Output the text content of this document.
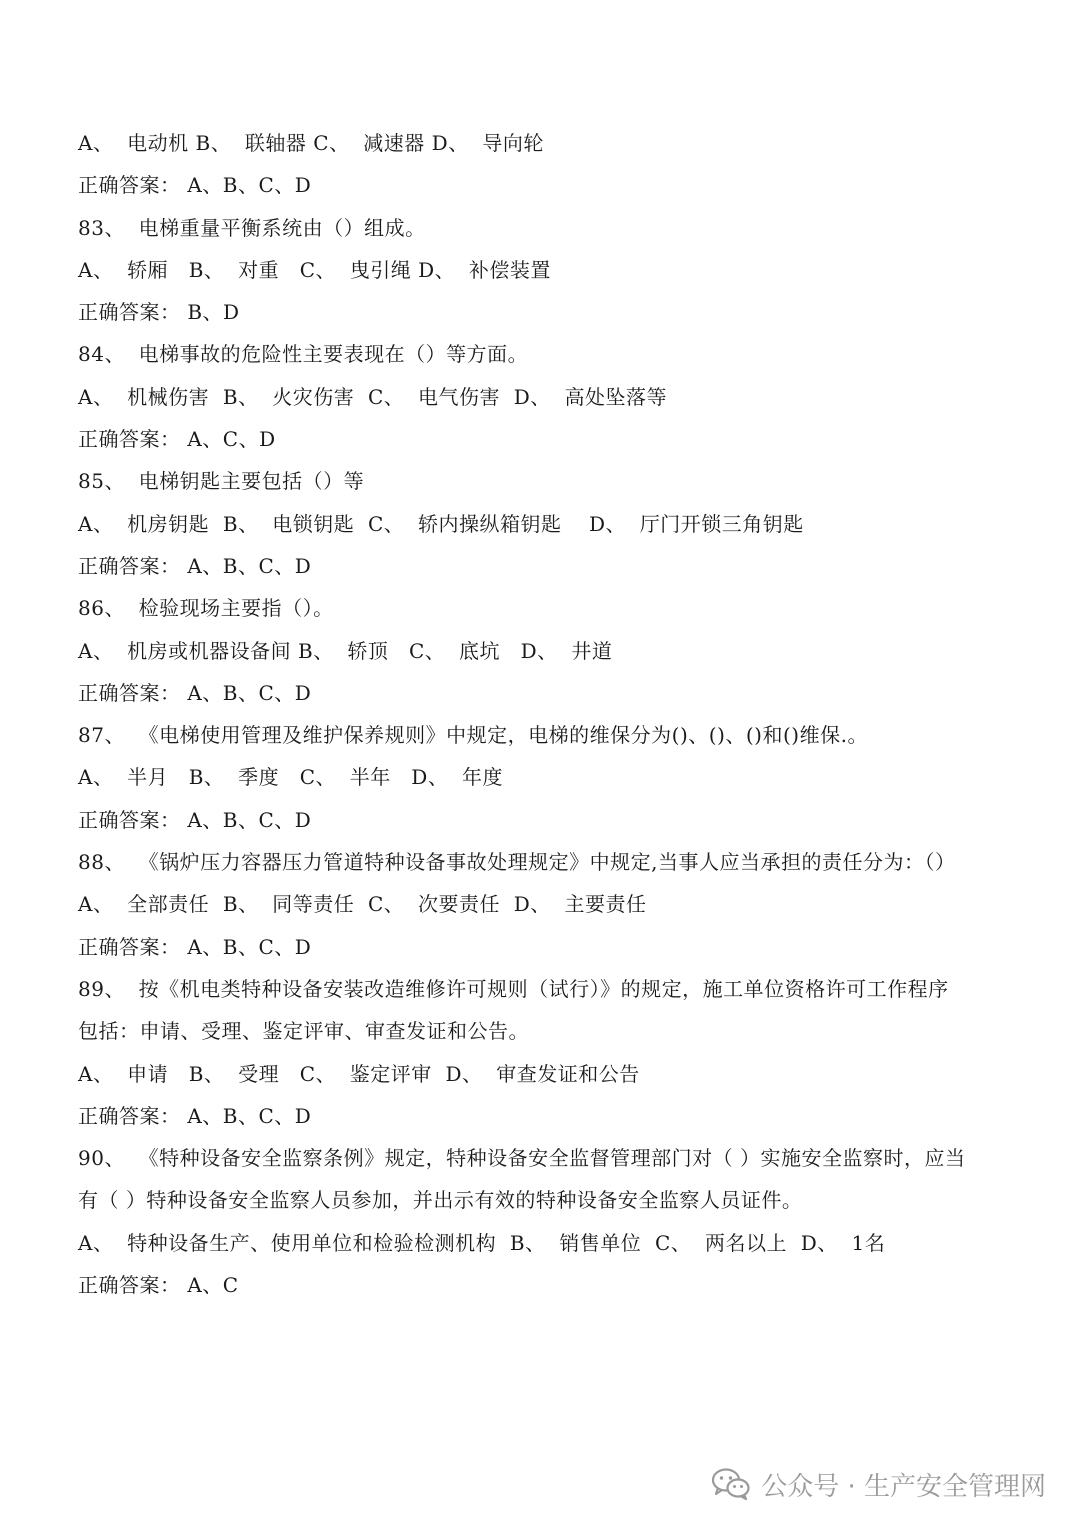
A、  电动机 B、  联轴器 C、  减速器 D、  导向轮
正确答案： A、B、C、D
83、  电梯重量平衡系统由（）组成。
A、  轿厢   B、  对重   C、  曳引绳 D、  补偿装置
正确答案： B、D
84、  电梯事故的危险性主要表现在（）等方面。
A、  机械伤害  B、  火灾伤害  C、  电气伤害  D、  高处坠落等
正确答案： A、C、D
85、  电梯钥匙主要包括（）等
A、  机房钥匙  B、  电锁钥匙  C、  轿内操纵箱钥匙    D、  厅门开锁三角钥匙
正确答案： A、B、C、D
86、  检验现场主要指（）。
A、  机房或机器设备间 B、  轿顶   C、  底坑   D、  井道
正确答案： A、B、C、D
87、  《电梯使用管理及维护保养规则》中规定，电梯的维保分为()、()、()和()维保.。
A、  半月   B、  季度   C、  半年   D、  年度
正确答案： A、B、C、D
88、  《锅炉压力容器压力管道特种设备事故处理规定》中规定,当事人应当承担的责任分为：（）
A、  全部责任  B、  同等责任  C、  次要责任  D、  主要责任
正确答案： A、B、C、D
89、  按《机电类特种设备安装改造维修许可规则（试行）》的规定，施工单位资格许可工作程序
包括：申请、受理、鉴定评审、审查发证和公告。
A、  申请   B、  受理   C、  鉴定评审  D、  审查发证和公告
正确答案： A、B、C、D
90、  《特种设备安全监察条例》规定，特种设备安全监督管理部门对（ ）实施安全监察时，应当
有（ ）特种设备安全监察人员参加，并出示有效的特种设备安全监察人员证件。
A、  特种设备生产、使用单位和检验检测机构  B、  销售单位  C、  两名以上  D、  1名
正确答案： A、C
公众号 · 生产安全管理网
